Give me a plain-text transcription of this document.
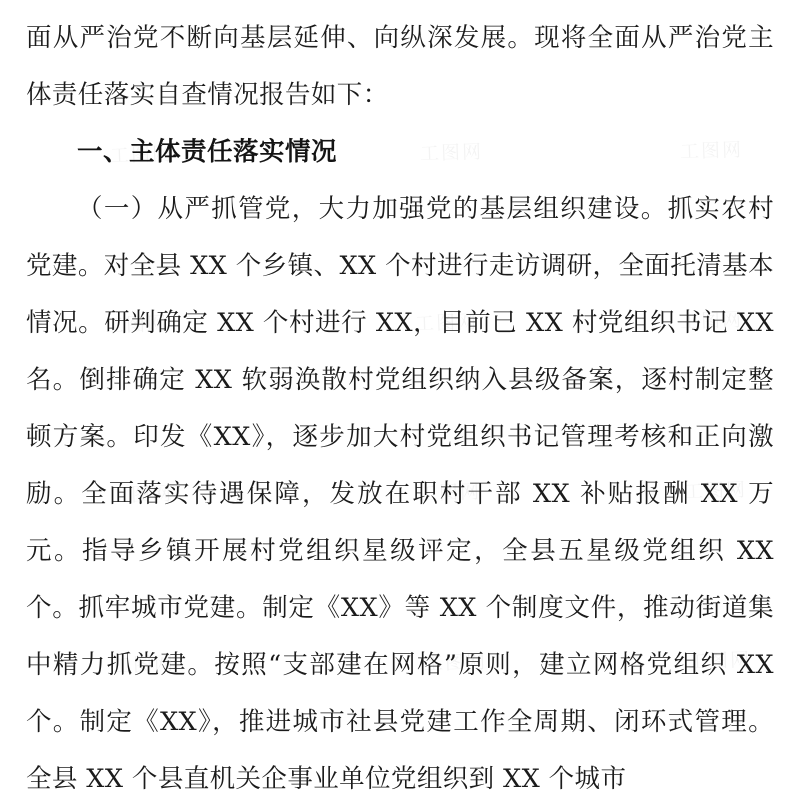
面从严治党不断向基层延伸、向纵深发展。现将全面从严治党主体责任落实自查情况报告如下：

一、主体责任落实情况

（一）从严抓管党，大力加强党的基层组织建设。抓实农村党建。对全县 XX 个乡镇、XX 个村进行走访调研，全面托清基本情况。研判确定 XX 个村进行 XX，目前已 XX 村党组织书记 XX 名。倒排确定 XX 软弱涣散村党组织纳入县级备案，逐村制定整顿方案。印发《XX》，逐步加大村党组织书记管理考核和正向激励。全面落实待遇保障，发放在职村干部 XX 补贴报酬 XX 万元。指导乡镇开展村党组织星级评定，全县五星级党组织 XX 个。抓牢城市党建。制定《XX》等 XX 个制度文件，推动街道集中精力抓党建。按照“支部建在网格”原则，建立网格党组织 XX 个。制定《XX》，推进城市社县党建工作全周期、闭环式管理。全县 XX 个县直机关企事业单位党组织到 XX 个城市
